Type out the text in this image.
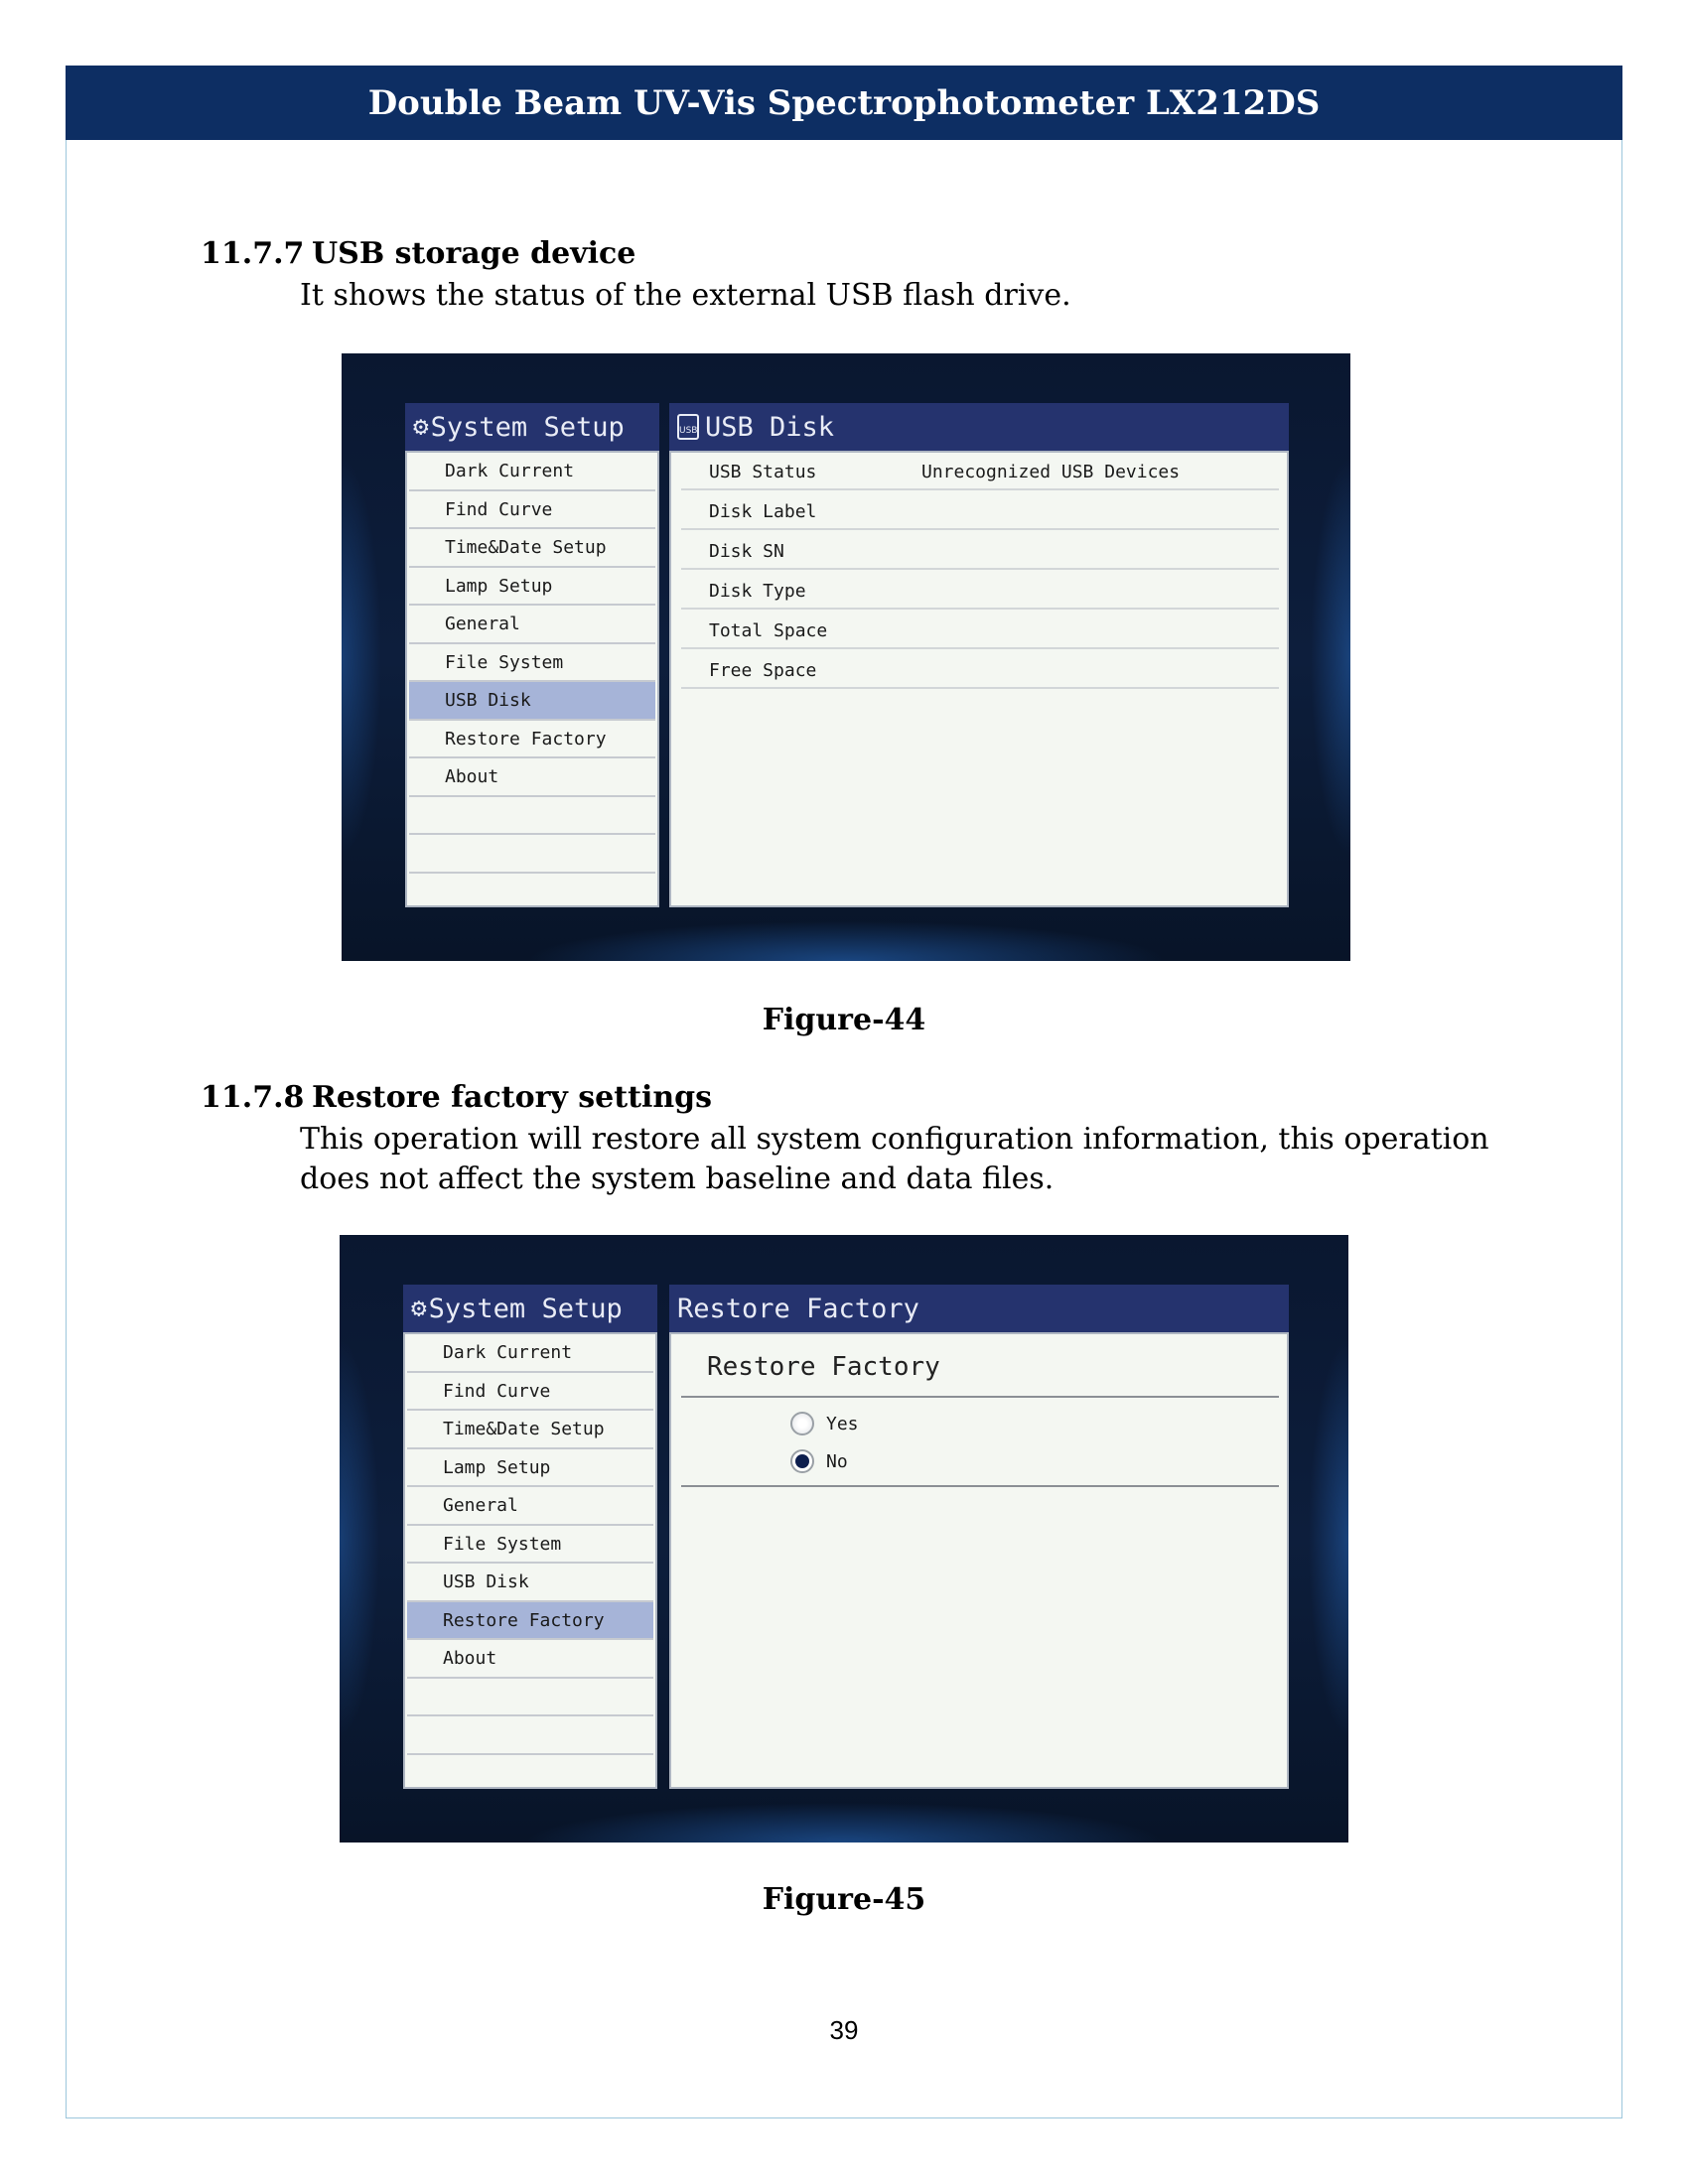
Double Beam UV-Vis Spectrophotometer LX212DS
11.7.7 USB storage device
It shows the status of the external USB flash drive.
⚙ System Setup
Dark Current
Find Curve
Time&Date Setup
Lamp Setup
General
File System
USB Disk
Restore Factory
About
USB USB Disk
USB Status	Unrecognized USB Devices
Disk Label
Disk SN
Disk Type
Total Space
Free Space
Figure-44
11.7.8 Restore factory settings
This operation will restore all system configuration information, this operation
does not affect the system baseline and data files.
⚙ System Setup
Dark Current
Find Curve
Time&Date Setup
Lamp Setup
General
File System
USB Disk
Restore Factory
About
Restore Factory
Restore Factory
Yes
No
Figure-45
39
